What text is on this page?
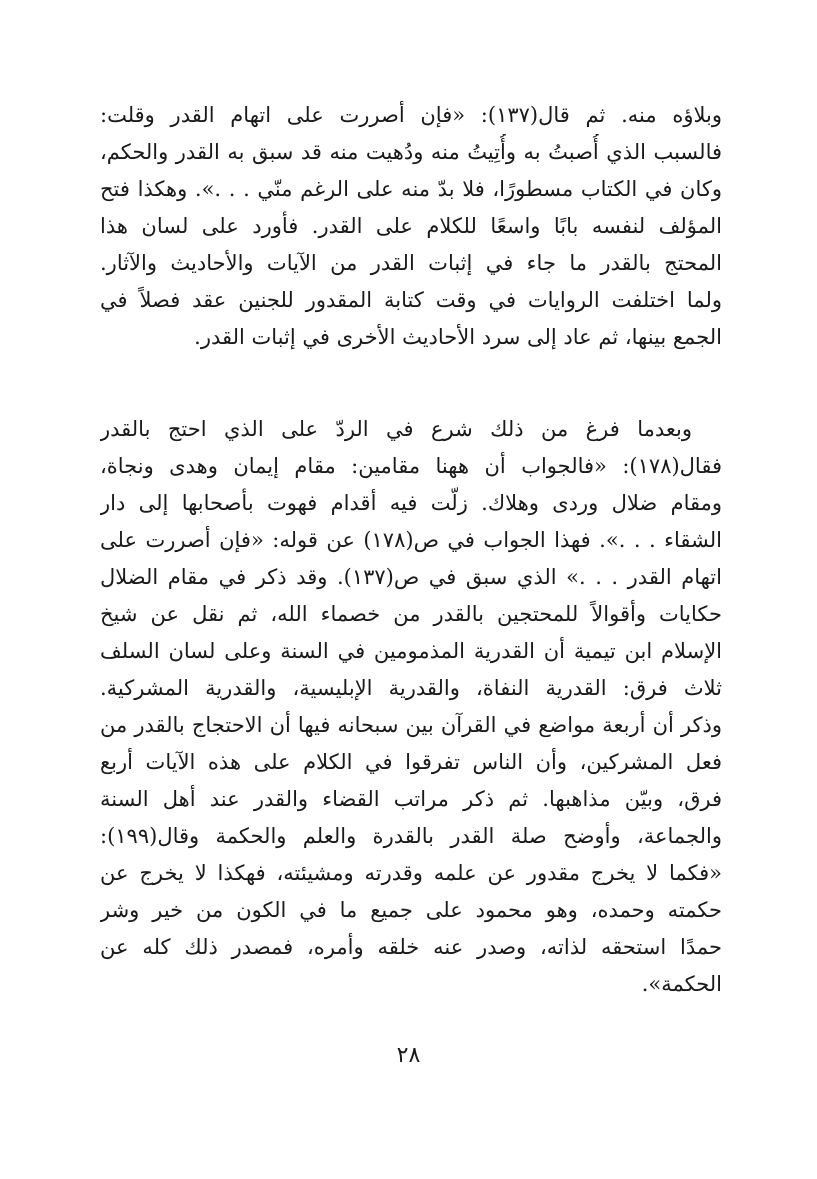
وبلاؤه منه. ثم قال(١٣٧): «فإن أصررت على اتهام القدر وقلت:
فالسبب الذي أُصبتُ به وأُتِيتُ منه ودُهيت منه قد سبق به القدر والحكم،
وكان في الكتاب مسطورًا، فلا بدّ منه على الرغم منّي . . .». وهكذا فتح
المؤلف لنفسه بابًا واسعًا للكلام على القدر. فأورد على لسان هذا
المحتج بالقدر ما جاء في إثبات القدر من الآيات والأحاديث والآثار.
ولما اختلفت الروايات في وقت كتابة المقدور للجنين عقد فصلاً في
الجمع بينها، ثم عاد إلى سرد الأحاديث الأخرى في إثبات القدر.
وبعدما فرغ من ذلك شرع في الردّ على الذي احتج بالقدر
فقال(١٧٨): «فالجواب أن ههنا مقامين: مقام إيمان وهدى ونجاة،
ومقام ضلال وردى وهلاك. زلّت فيه أقدام فهوت بأصحابها إلى دار
الشقاء . . .». فهذا الجواب في ص(١٧٨) عن قوله: «فإن أصررت على
اتهام القدر . . .» الذي سبق في ص(١٣٧). وقد ذكر في مقام الضلال
حكايات وأقوالاً للمحتجين بالقدر من خصماء الله، ثم نقل عن شيخ
الإسلام ابن تيمية أن القدرية المذمومين في السنة وعلى لسان السلف
ثلاث فرق: القدرية النفاة، والقدرية الإبليسية، والقدرية المشركية.
وذكر أن أربعة مواضع في القرآن بين سبحانه فيها أن الاحتجاج بالقدر من
فعل المشركين، وأن الناس تفرقوا في الكلام على هذه الآيات أربع
فرق، وبيّن مذاهبها. ثم ذكر مراتب القضاء والقدر عند أهل السنة
والجماعة، وأوضح صلة القدر بالقدرة والعلم والحكمة وقال(١٩٩):
«فكما لا يخرج مقدور عن علمه وقدرته ومشيئته، فهكذا لا يخرج عن
حكمته وحمده، وهو محمود على جميع ما في الكون من خير وشر
حمدًا استحقه لذاته، وصدر عنه خلقه وأمره، فمصدر ذلك كله عن
الحكمة».
٢٨
